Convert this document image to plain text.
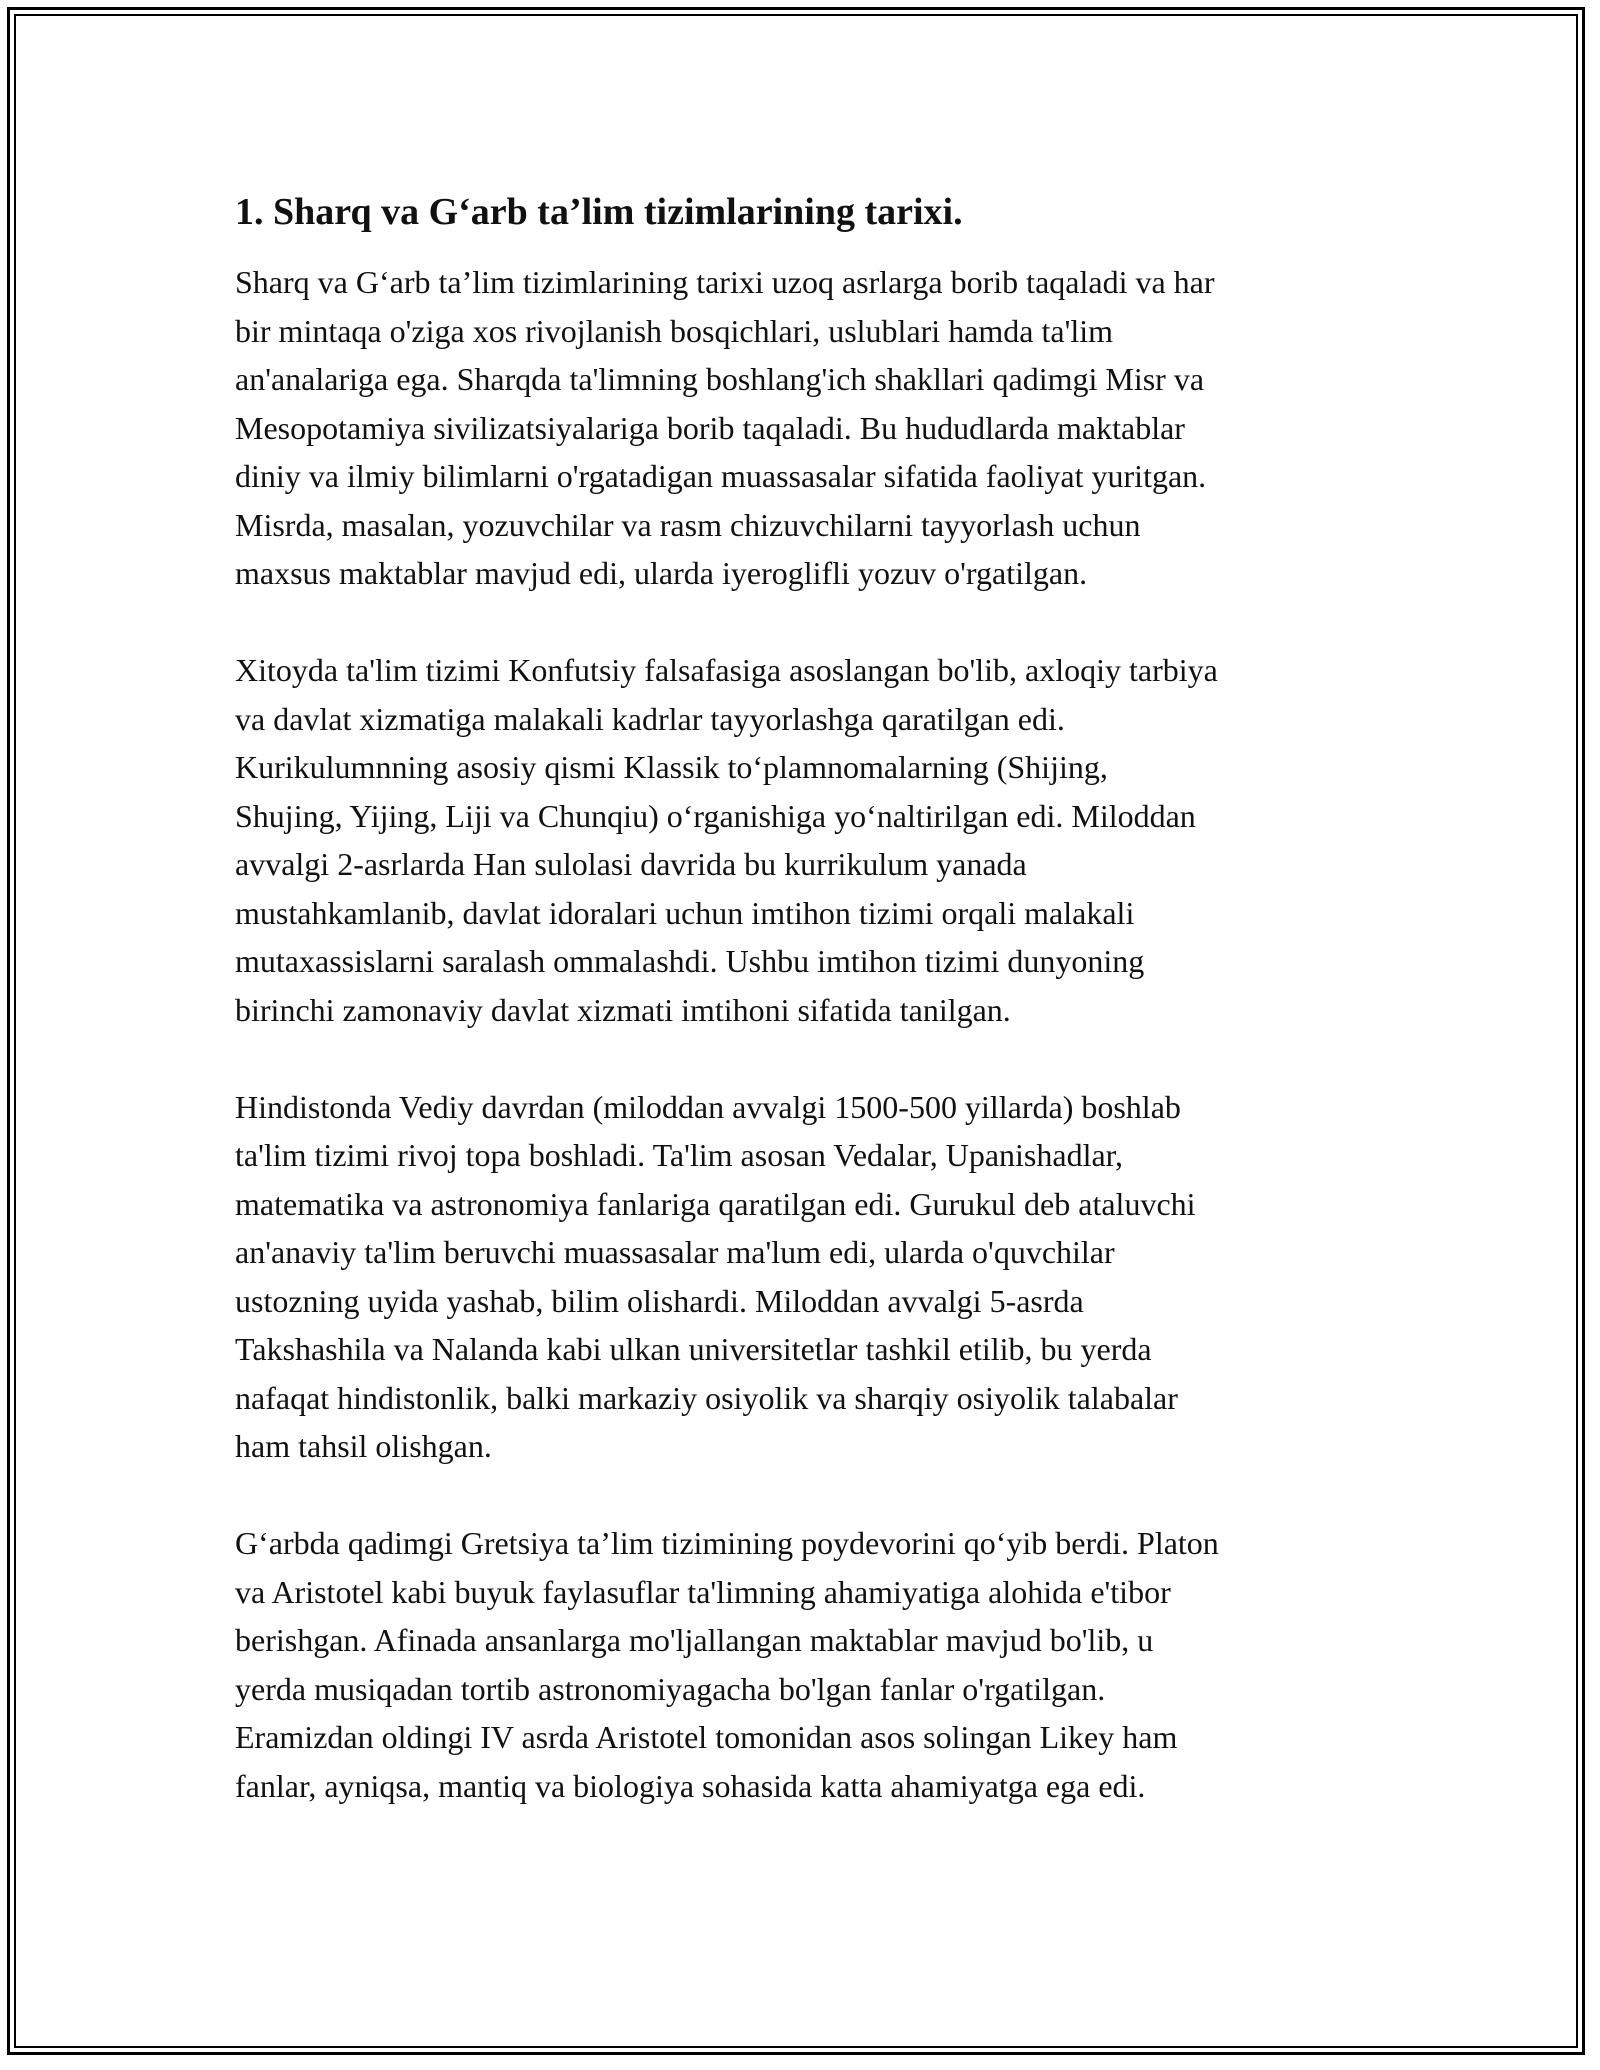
1. Sharq va G‘arb ta’lim tizimlarining tarixi.

Sharq va G‘arb ta’lim tizimlarining tarixi uzoq asrlarga borib taqaladi va har
bir mintaqa o'ziga xos rivojlanish bosqichlari, uslublari hamda ta'lim
an'analariga ega. Sharqda ta'limning boshlang'ich shakllari qadimgi Misr va
Mesopotamiya sivilizatsiyalariga borib taqaladi. Bu hududlarda maktablar
diniy va ilmiy bilimlarni o'rgatadigan muassasalar sifatida faoliyat yuritgan.
Misrda, masalan, yozuvchilar va rasm chizuvchilarni tayyorlash uchun
maxsus maktablar mavjud edi, ularda iyeroglifli yozuv o'rgatilgan.

Xitoyda ta'lim tizimi Konfutsiy falsafasiga asoslangan bo'lib, axloqiy tarbiya
va davlat xizmatiga malakali kadrlar tayyorlashga qaratilgan edi.
Kurikulumnning asosiy qismi Klassik to‘plamnomalarning (Shijing,
Shujing, Yijing, Liji va Chunqiu) o‘rganishiga yo‘naltirilgan edi. Miloddan
avvalgi 2-asrlarda Han sulolasi davrida bu kurrikulum yanada
mustahkamlanib, davlat idoralari uchun imtihon tizimi orqali malakali
mutaxassislarni saralash ommalashdi. Ushbu imtihon tizimi dunyoning
birinchi zamonaviy davlat xizmati imtihoni sifatida tanilgan.

Hindistonda Vediy davrdan (miloddan avvalgi 1500-500 yillarda) boshlab
ta'lim tizimi rivoj topa boshladi. Ta'lim asosan Vedalar, Upanishadlar,
matematika va astronomiya fanlariga qaratilgan edi. Gurukul deb ataluvchi
an'anaviy ta'lim beruvchi muassasalar ma'lum edi, ularda o'quvchilar
ustozning uyida yashab, bilim olishardi. Miloddan avvalgi 5-asrda
Takshashila va Nalanda kabi ulkan universitetlar tashkil etilib, bu yerda
nafaqat hindistonlik, balki markaziy osiyolik va sharqiy osiyolik talabalar
ham tahsil olishgan.

G‘arbda qadimgi Gretsiya ta’lim tizimining poydevorini qo‘yib berdi. Platon
va Aristotel kabi buyuk faylasuflar ta'limning ahamiyatiga alohida e'tibor
berishgan. Afinada ansanlarga mo'ljallangan maktablar mavjud bo'lib, u
yerda musiqadan tortib astronomiyagacha bo'lgan fanlar o'rgatilgan.
Eramizdan oldingi IV asrda Aristotel tomonidan asos solingan Likey ham
fanlar, ayniqsa, mantiq va biologiya sohasida katta ahamiyatga ega edi.
